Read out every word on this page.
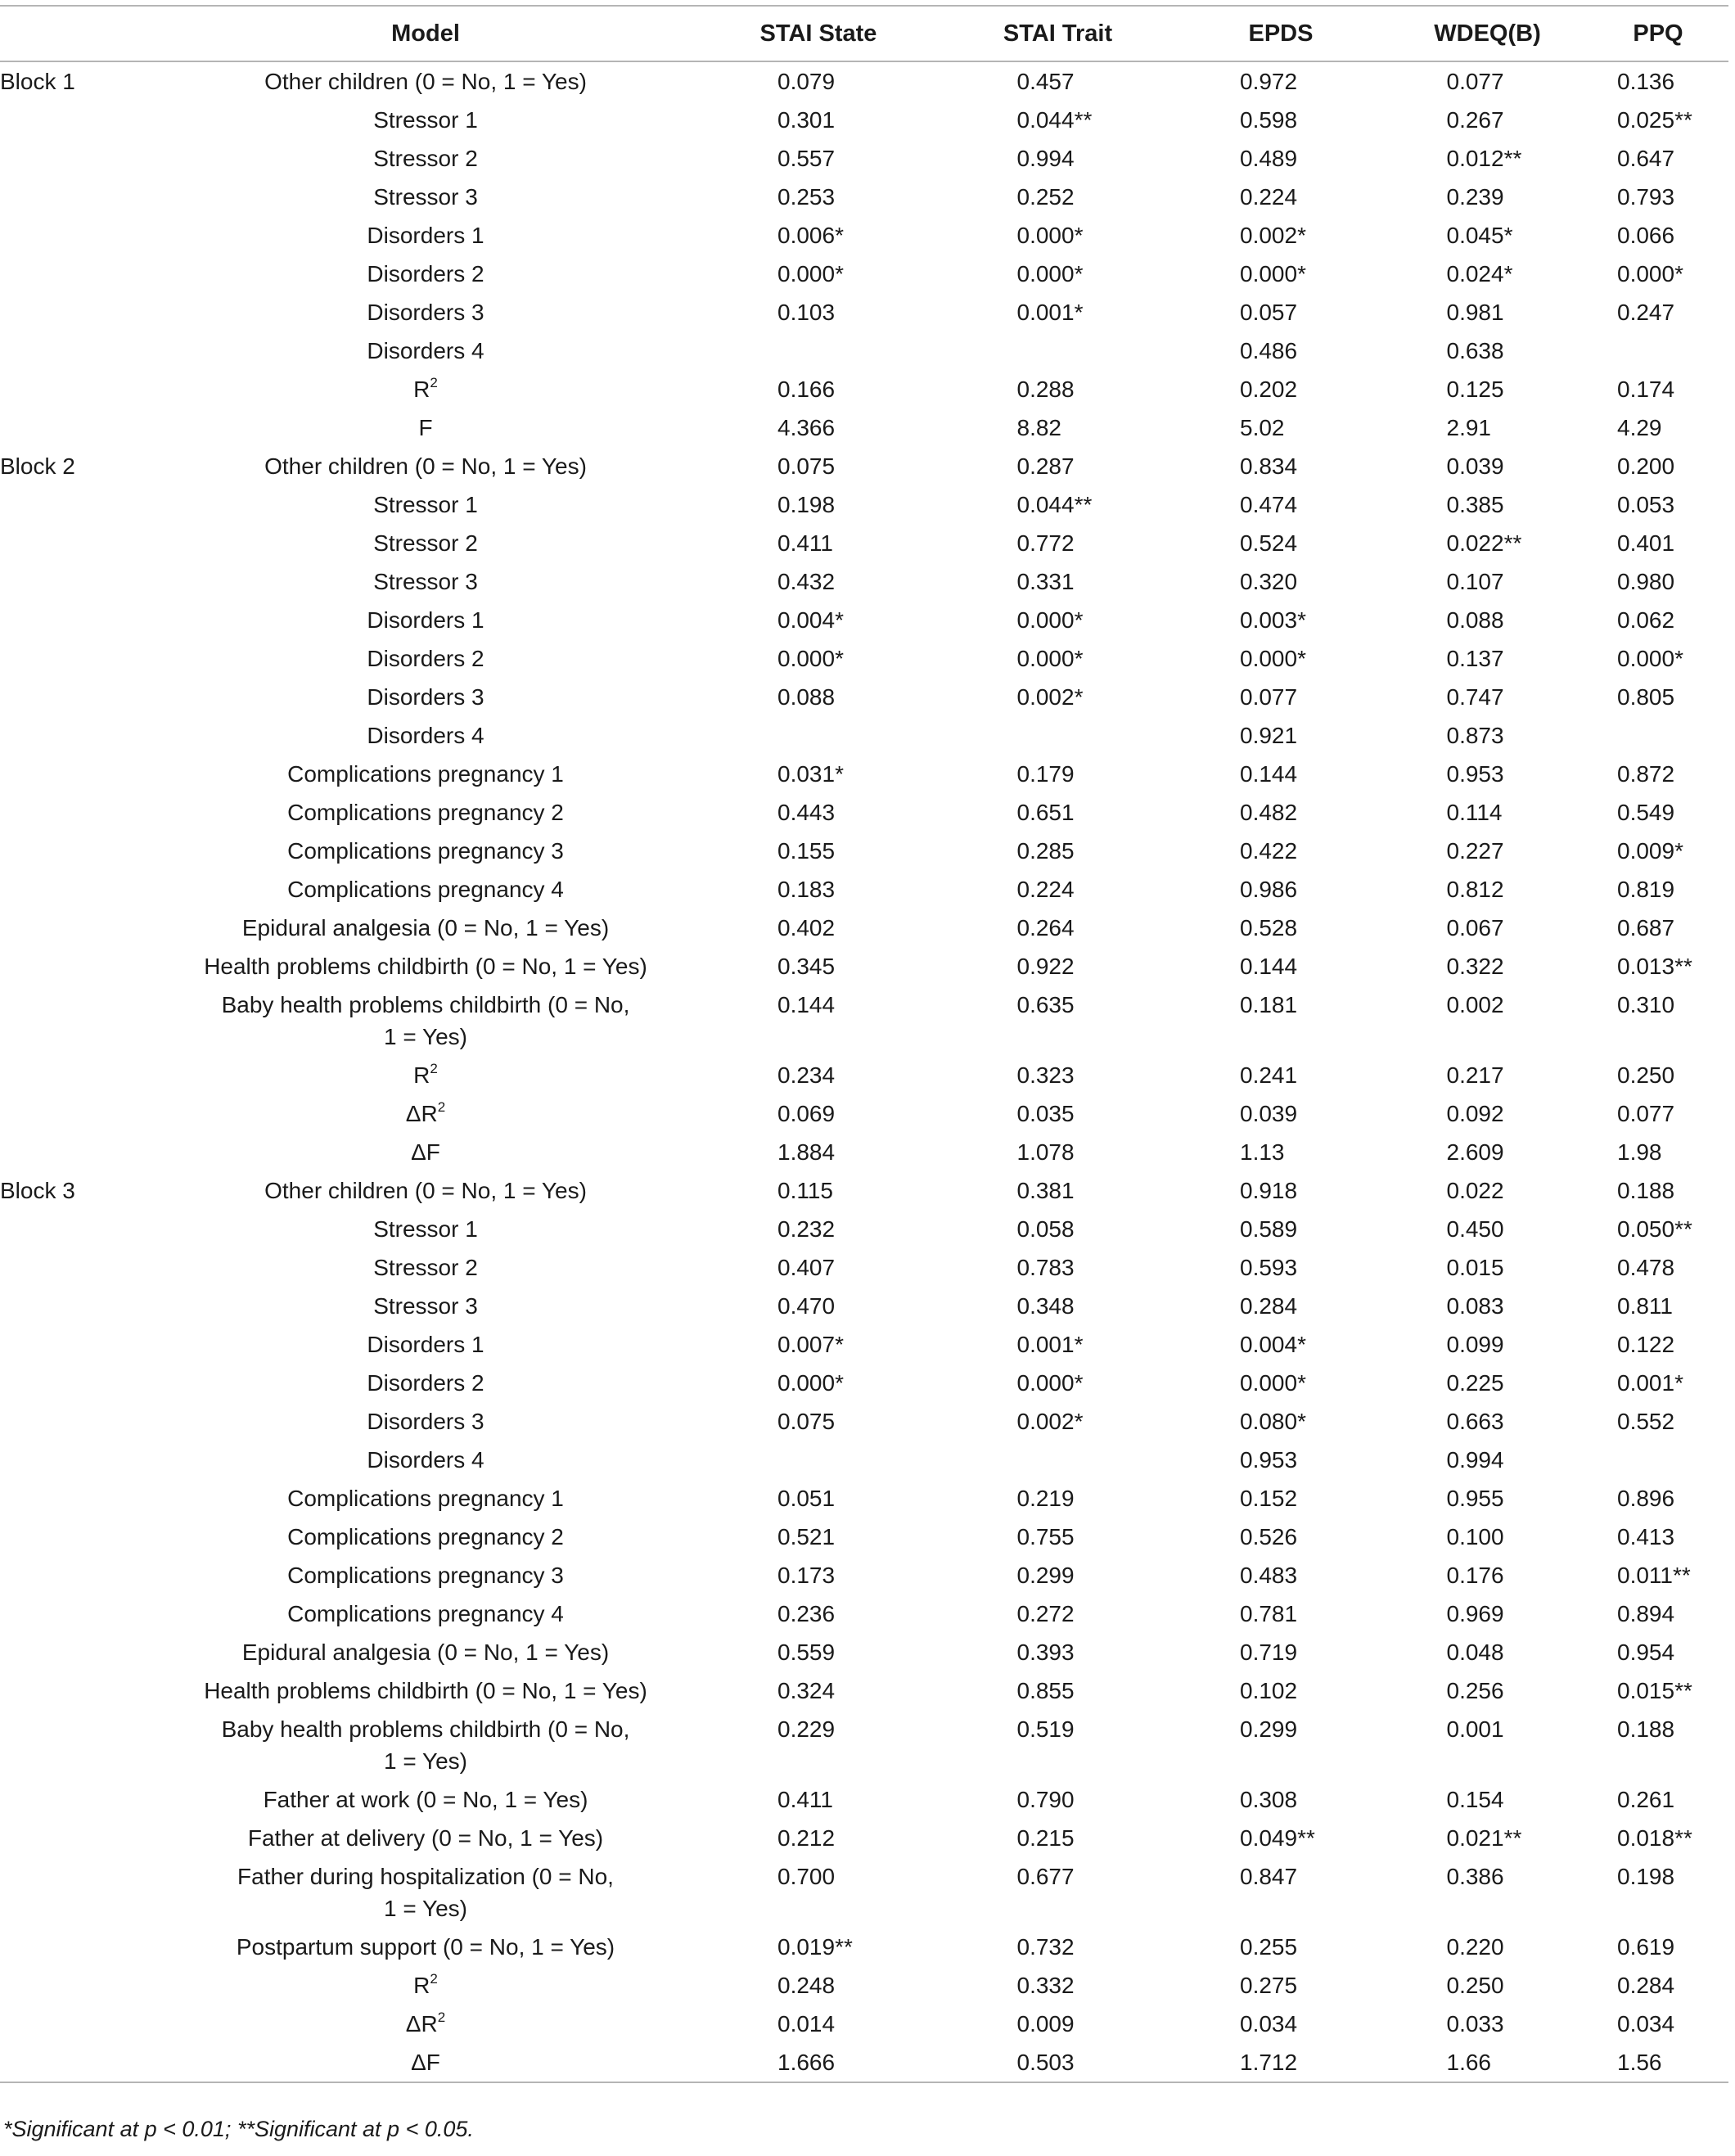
	Model	STAI State	STAI Trait	EPDS	WDEQ(B)	PPQ
Block 1	Other children (0 = No, 1 = Yes)	0.079	0.457	0.972	0.077	0.136
	Stressor 1	0.301	0.044**	0.598	0.267	0.025**
	Stressor 2	0.557	0.994	0.489	0.012**	0.647
	Stressor 3	0.253	0.252	0.224	0.239	0.793
	Disorders 1	0.006*	0.000*	0.002*	0.045*	0.066
	Disorders 2	0.000*	0.000*	0.000*	0.024*	0.000*
	Disorders 3	0.103	0.001*	0.057	0.981	0.247
	Disorders 4			0.486	0.638	
	$R^2$	0.166	0.288	0.202	0.125	0.174
	F	4.366	8.82	5.02	2.91	4.29
Block 2	Other children (0 = No, 1 = Yes)	0.075	0.287	0.834	0.039	0.200
	Stressor 1	0.198	0.044**	0.474	0.385	0.053
	Stressor 2	0.411	0.772	0.524	0.022**	0.401
	Stressor 3	0.432	0.331	0.320	0.107	0.980
	Disorders 1	0.004*	0.000*	0.003*	0.088	0.062
	Disorders 2	0.000*	0.000*	0.000*	0.137	0.000*
	Disorders 3	0.088	0.002*	0.077	0.747	0.805
	Disorders 4			0.921	0.873	
	Complications pregnancy 1	0.031*	0.179	0.144	0.953	0.872
	Complications pregnancy 2	0.443	0.651	0.482	0.114	0.549
	Complications pregnancy 3	0.155	0.285	0.422	0.227	0.009*
	Complications pregnancy 4	0.183	0.224	0.986	0.812	0.819
	Epidural analgesia (0 = No, 1 = Yes)	0.402	0.264	0.528	0.067	0.687
	Health problems childbirth (0 = No, 1 = Yes)	0.345	0.922	0.144	0.322	0.013**
	Baby health problems childbirth (0 = No,
1 = Yes)	0.144	0.635	0.181	0.002	0.310
	$R^2$	0.234	0.323	0.241	0.217	0.250
	$\Delta R^2$	0.069	0.035	0.039	0.092	0.077
	ΔF	1.884	1.078	1.13	2.609	1.98
Block 3	Other children (0 = No, 1 = Yes)	0.115	0.381	0.918	0.022	0.188
	Stressor 1	0.232	0.058	0.589	0.450	0.050**
	Stressor 2	0.407	0.783	0.593	0.015	0.478
	Stressor 3	0.470	0.348	0.284	0.083	0.811
	Disorders 1	0.007*	0.001*	0.004*	0.099	0.122
	Disorders 2	0.000*	0.000*	0.000*	0.225	0.001*
	Disorders 3	0.075	0.002*	0.080*	0.663	0.552
	Disorders 4			0.953	0.994	
	Complications pregnancy 1	0.051	0.219	0.152	0.955	0.896
	Complications pregnancy 2	0.521	0.755	0.526	0.100	0.413
	Complications pregnancy 3	0.173	0.299	0.483	0.176	0.011**
	Complications pregnancy 4	0.236	0.272	0.781	0.969	0.894
	Epidural analgesia (0 = No, 1 = Yes)	0.559	0.393	0.719	0.048	0.954
	Health problems childbirth (0 = No, 1 = Yes)	0.324	0.855	0.102	0.256	0.015**
	Baby health problems childbirth (0 = No,
1 = Yes)	0.229	0.519	0.299	0.001	0.188
	Father at work (0 = No, 1 = Yes)	0.411	0.790	0.308	0.154	0.261
	Father at delivery (0 = No, 1 = Yes)	0.212	0.215	0.049**	0.021**	0.018**
	Father during hospitalization (0 = No,
1 = Yes)	0.700	0.677	0.847	0.386	0.198
	Postpartum support (0 = No, 1 = Yes)	0.019**	0.732	0.255	0.220	0.619
	$R^2$	0.248	0.332	0.275	0.250	0.284
	$\Delta R^2$	0.014	0.009	0.034	0.033	0.034
	ΔF	1.666	0.503	1.712	1.66	1.56
*Significant at p < 0.01; **Significant at p < 0.05.
